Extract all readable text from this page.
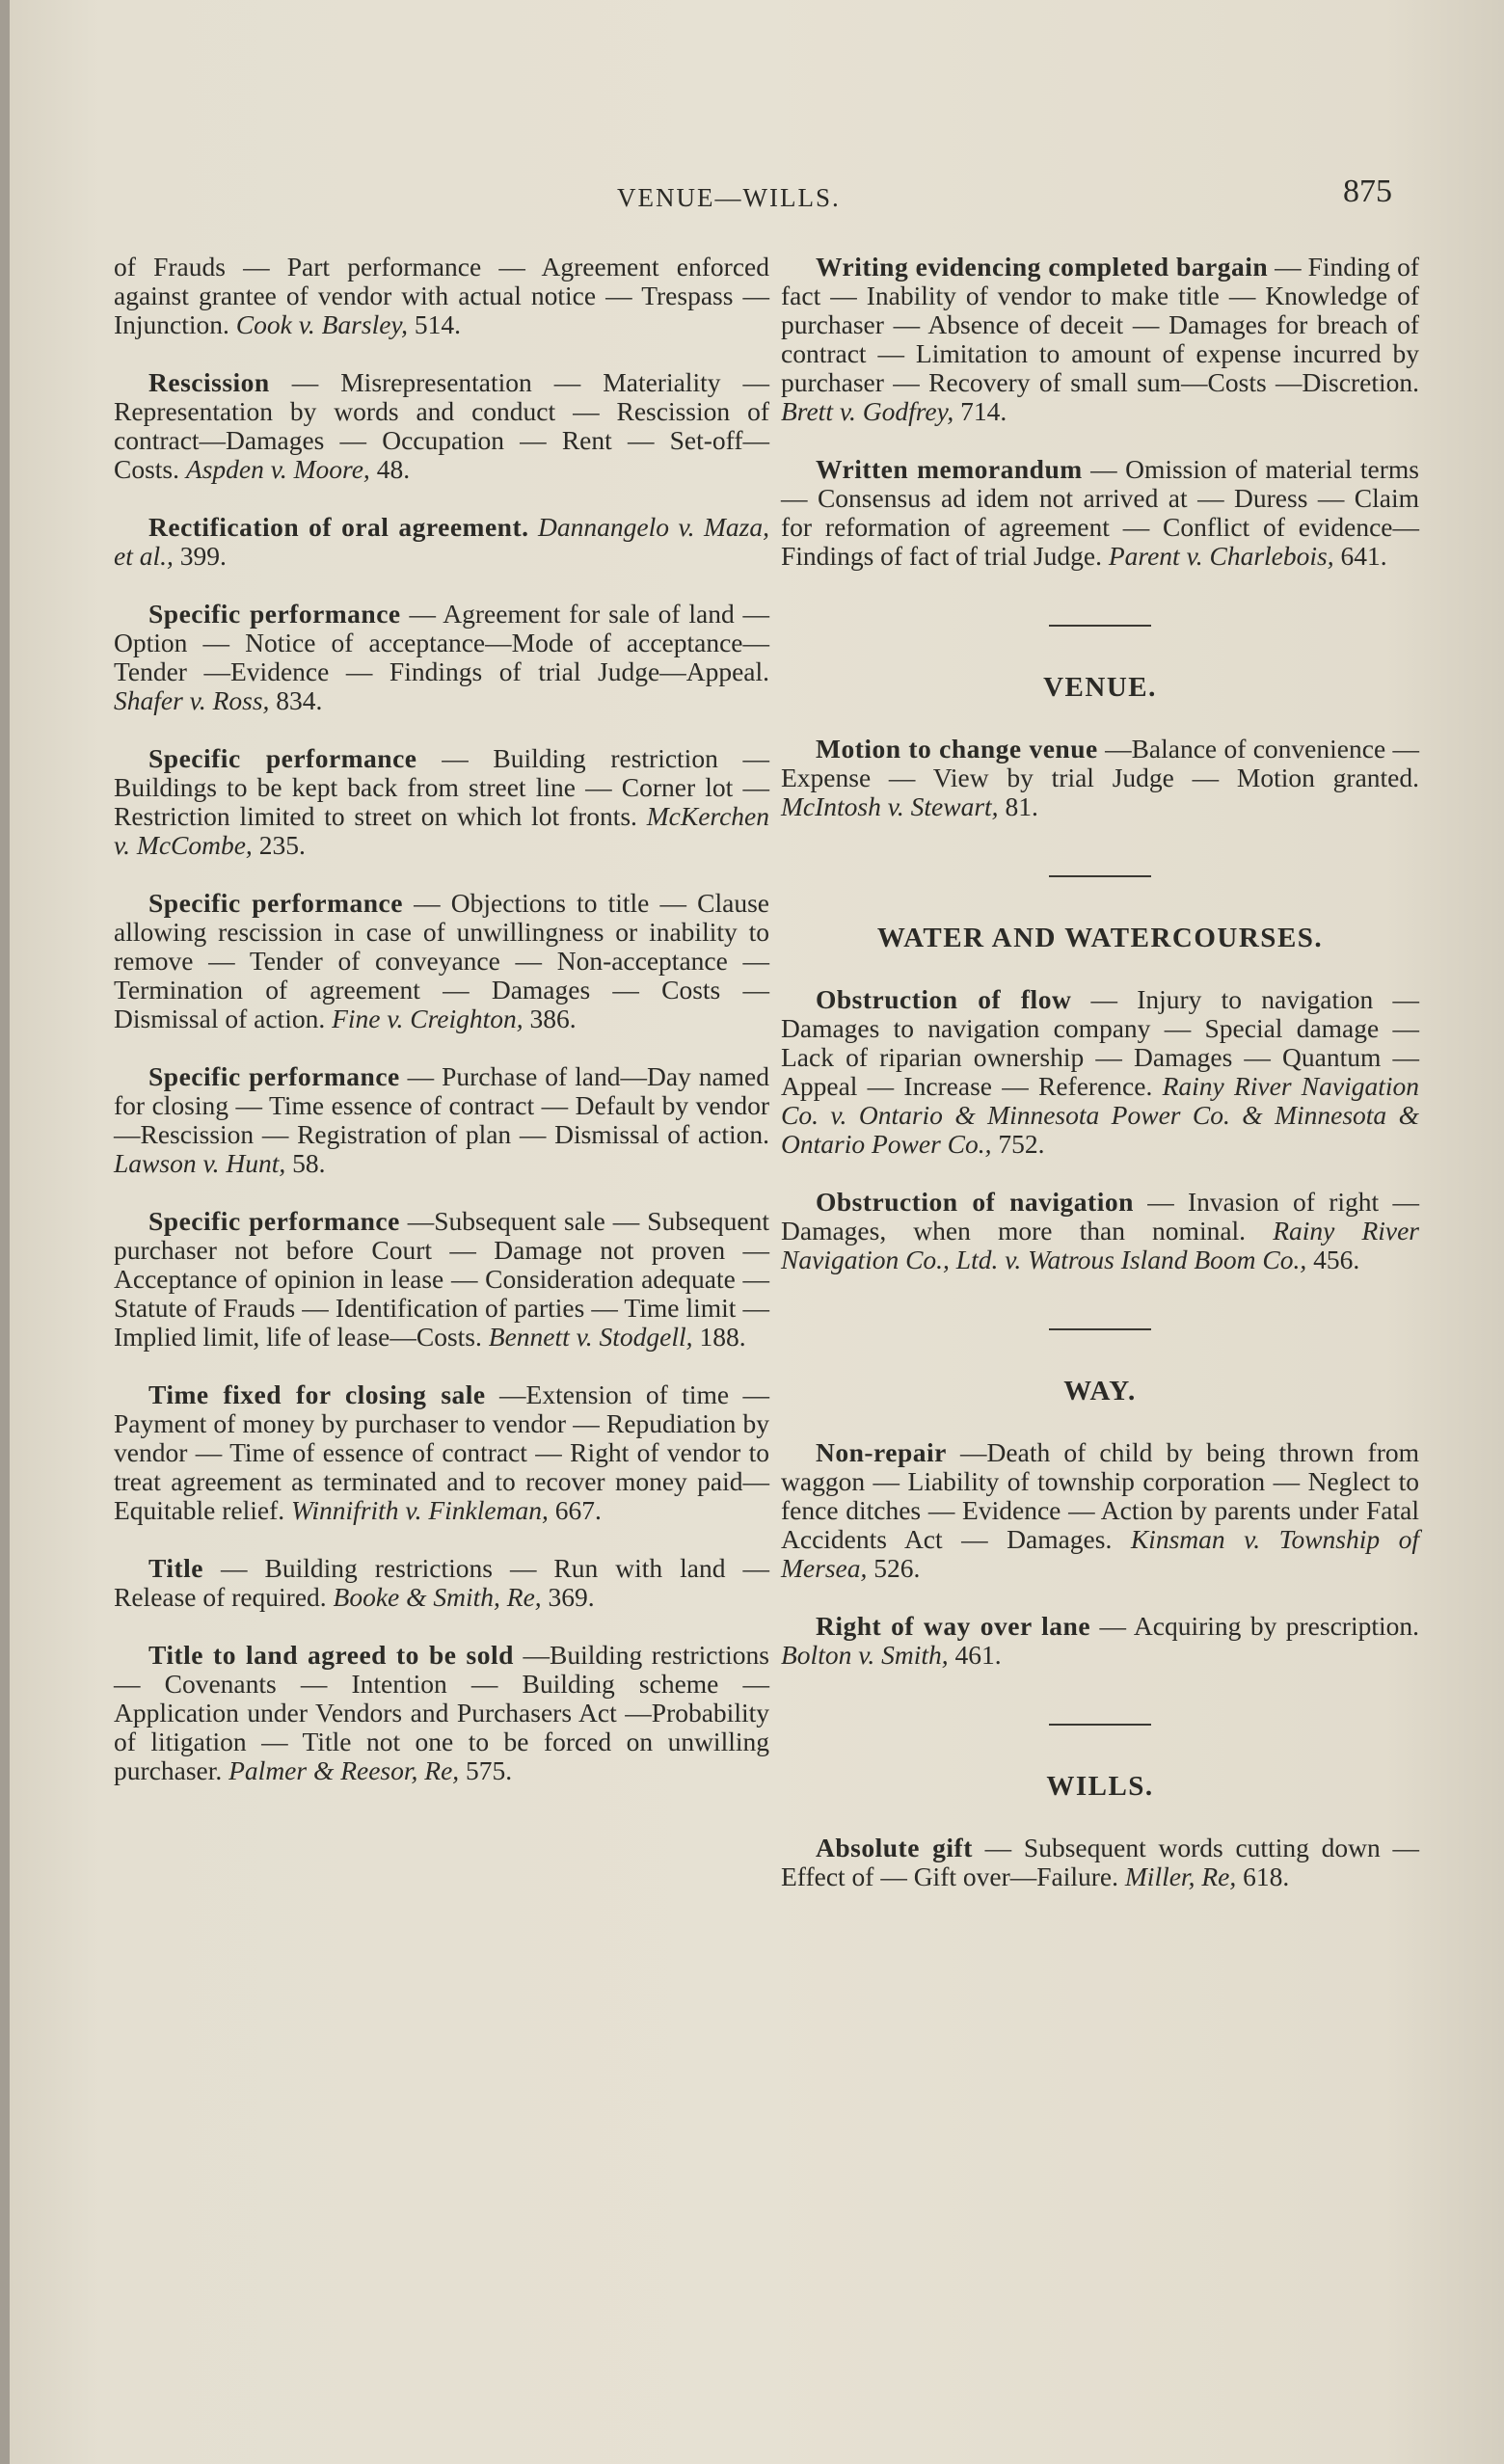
VENUE—WILLS.	875

of Frauds — Part performance — Agreement enforced against grantee of vendor with actual notice — Trespass — Injunction. Cook v. Barsley, 514.

Rescission — Misrepresentation — Materiality — Representation by words and conduct — Rescission of contract—Damages — Occupation — Rent — Set-off—Costs. Aspden v. Moore, 48.

Rectification of oral agreement. Dannangelo v. Maza, et al., 399.

Specific performance — Agreement for sale of land — Option — Notice of acceptance—Mode of acceptance—Tender —Evidence — Findings of trial Judge—Appeal. Shafer v. Ross, 834.

Specific performance — Building restriction — Buildings to be kept back from street line — Corner lot — Restriction limited to street on which lot fronts. McKerchen v. McCombe, 235.

Specific performance — Objections to title — Clause allowing rescission in case of unwillingness or inability to remove — Tender of conveyance — Non-acceptance — Termination of agreement — Damages — Costs — Dismissal of action. Fine v. Creighton, 386.

Specific performance — Purchase of land—Day named for closing — Time essence of contract — Default by vendor —Rescission — Registration of plan — Dismissal of action. Lawson v. Hunt, 58.

Specific performance —Subsequent sale — Subsequent purchaser not before Court — Damage not proven — Acceptance of opinion in lease — Consideration adequate — Statute of Frauds — Identification of parties — Time limit — Implied limit, life of lease—Costs. Bennett v. Stodgell, 188.

Time fixed for closing sale —Extension of time — Payment of money by purchaser to vendor — Repudiation by vendor — Time of essence of contract — Right of vendor to treat agreement as terminated and to recover money paid—Equitable relief. Winnifrith v. Finkleman, 667.

Title — Building restrictions — Run with land — Release of required. Booke & Smith, Re, 369.

Title to land agreed to be sold —Building restrictions — Covenants — Intention — Building scheme — Application under Vendors and Purchasers Act —Probability of litigation — Title not one to be forced on unwilling purchaser. Palmer & Reesor, Re, 575.

Writing evidencing completed bargain — Finding of fact — Inability of vendor to make title — Knowledge of purchaser — Absence of deceit — Damages for breach of contract — Limitation to amount of expense incurred by purchaser — Recovery of small sum—Costs —Discretion. Brett v. Godfrey, 714.

Written memorandum — Omission of material terms — Consensus ad idem not arrived at — Duress — Claim for reformation of agreement — Conflict of evidence—Findings of fact of trial Judge. Parent v. Charlebois, 641.

VENUE.

Motion to change venue —Balance of convenience — Expense — View by trial Judge — Motion granted. McIntosh v. Stewart, 81.

WATER AND WATERCOURSES.

Obstruction of flow — Injury to navigation — Damages to navigation company — Special damage — Lack of riparian ownership — Damages — Quantum — Appeal — Increase — Reference. Rainy River Navigation Co. v. Ontario & Minnesota Power Co. & Minnesota & Ontario Power Co., 752.

Obstruction of navigation — Invasion of right — Damages, when more than nominal. Rainy River Navigation Co., Ltd. v. Watrous Island Boom Co., 456.

WAY.

Non-repair —Death of child by being thrown from waggon — Liability of township corporation — Neglect to fence ditches — Evidence — Action by parents under Fatal Accidents Act — Damages. Kinsman v. Township of Mersea, 526.

Right of way over lane — Acquiring by prescription. Bolton v. Smith, 461.

WILLS.

Absolute gift — Subsequent words cutting down — Effect of — Gift over—Failure. Miller, Re, 618.
